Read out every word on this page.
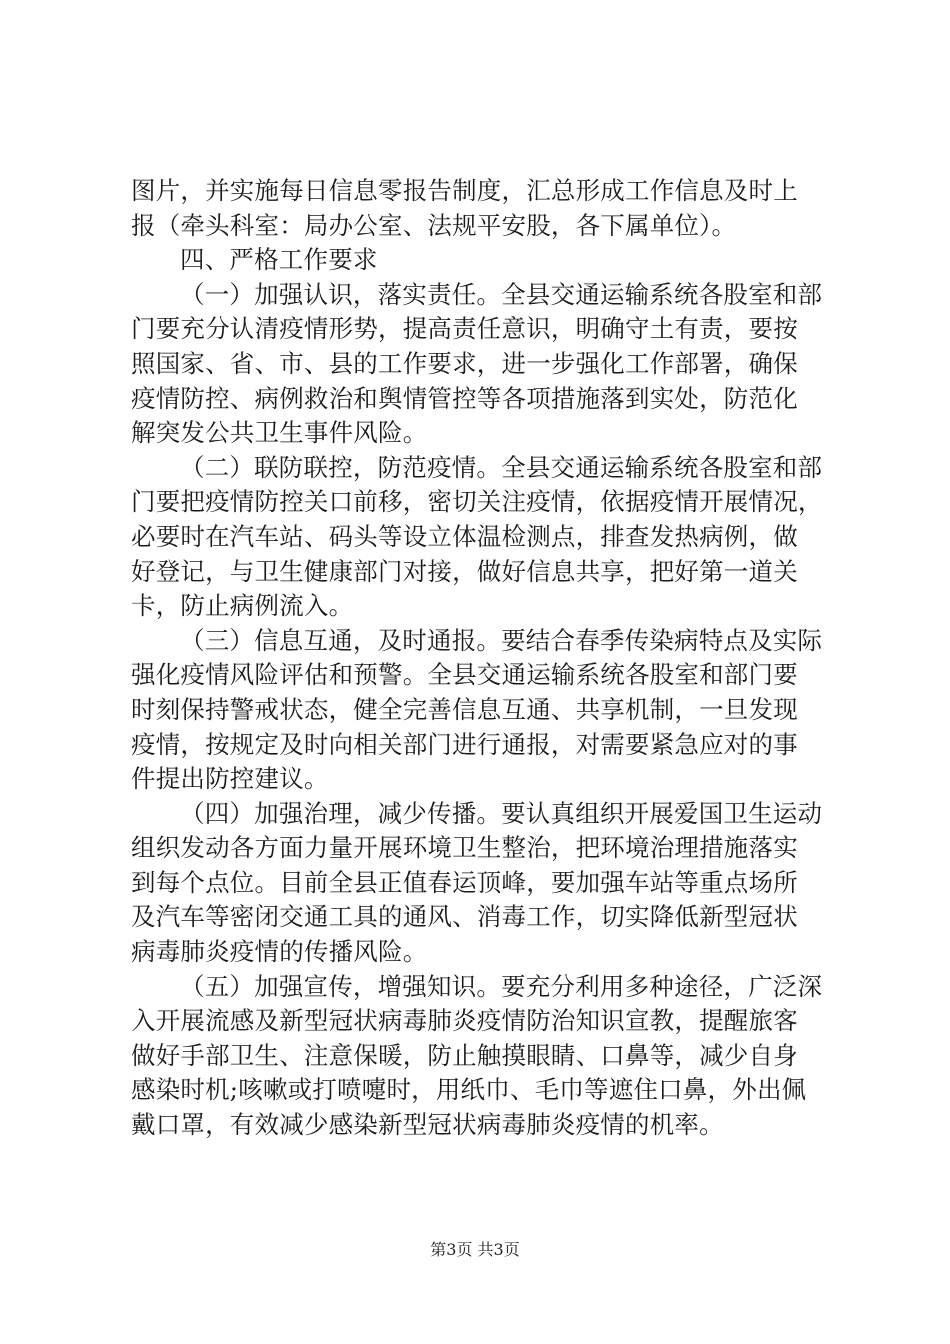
图片，并实施每日信息零报告制度，汇总形成工作信息及时上
报（牵头科室：局办公室、法规平安股，各下属单位）。
四、严格工作要求
（一）加强认识，落实责任。全县交通运输系统各股室和部
门要充分认清疫情形势，提高责任意识，明确守土有责，要按
照国家、省、市、县的工作要求，进一步强化工作部署，确保
疫情防控、病例救治和舆情管控等各项措施落到实处，防范化
解突发公共卫生事件风险。
（二）联防联控，防范疫情。全县交通运输系统各股室和部
门要把疫情防控关口前移，密切关注疫情，依据疫情开展情况，
必要时在汽车站、码头等设立体温检测点，排查发热病例，做
好登记，与卫生健康部门对接，做好信息共享，把好第一道关
卡，防止病例流入。
（三）信息互通，及时通报。要结合春季传染病特点及实际
强化疫情风险评估和预警。全县交通运输系统各股室和部门要
时刻保持警戒状态，健全完善信息互通、共享机制，一旦发现
疫情，按规定及时向相关部门进行通报，对需要紧急应对的事
件提出防控建议。
（四）加强治理，减少传播。要认真组织开展爱国卫生运动
组织发动各方面力量开展环境卫生整治，把环境治理措施落实
到每个点位。目前全县正值春运顶峰，要加强车站等重点场所
及汽车等密闭交通工具的通风、消毒工作，切实降低新型冠状
病毒肺炎疫情的传播风险。
（五）加强宣传，增强知识。要充分利用多种途径，广泛深
入开展流感及新型冠状病毒肺炎疫情防治知识宣教，提醒旅客
做好手部卫生、注意保暖，防止触摸眼睛、口鼻等，减少自身
感染时机;咳嗽或打喷嚏时，用纸巾、毛巾等遮住口鼻，外出佩
戴口罩，有效减少感染新型冠状病毒肺炎疫情的机率。
第3页 共3页
